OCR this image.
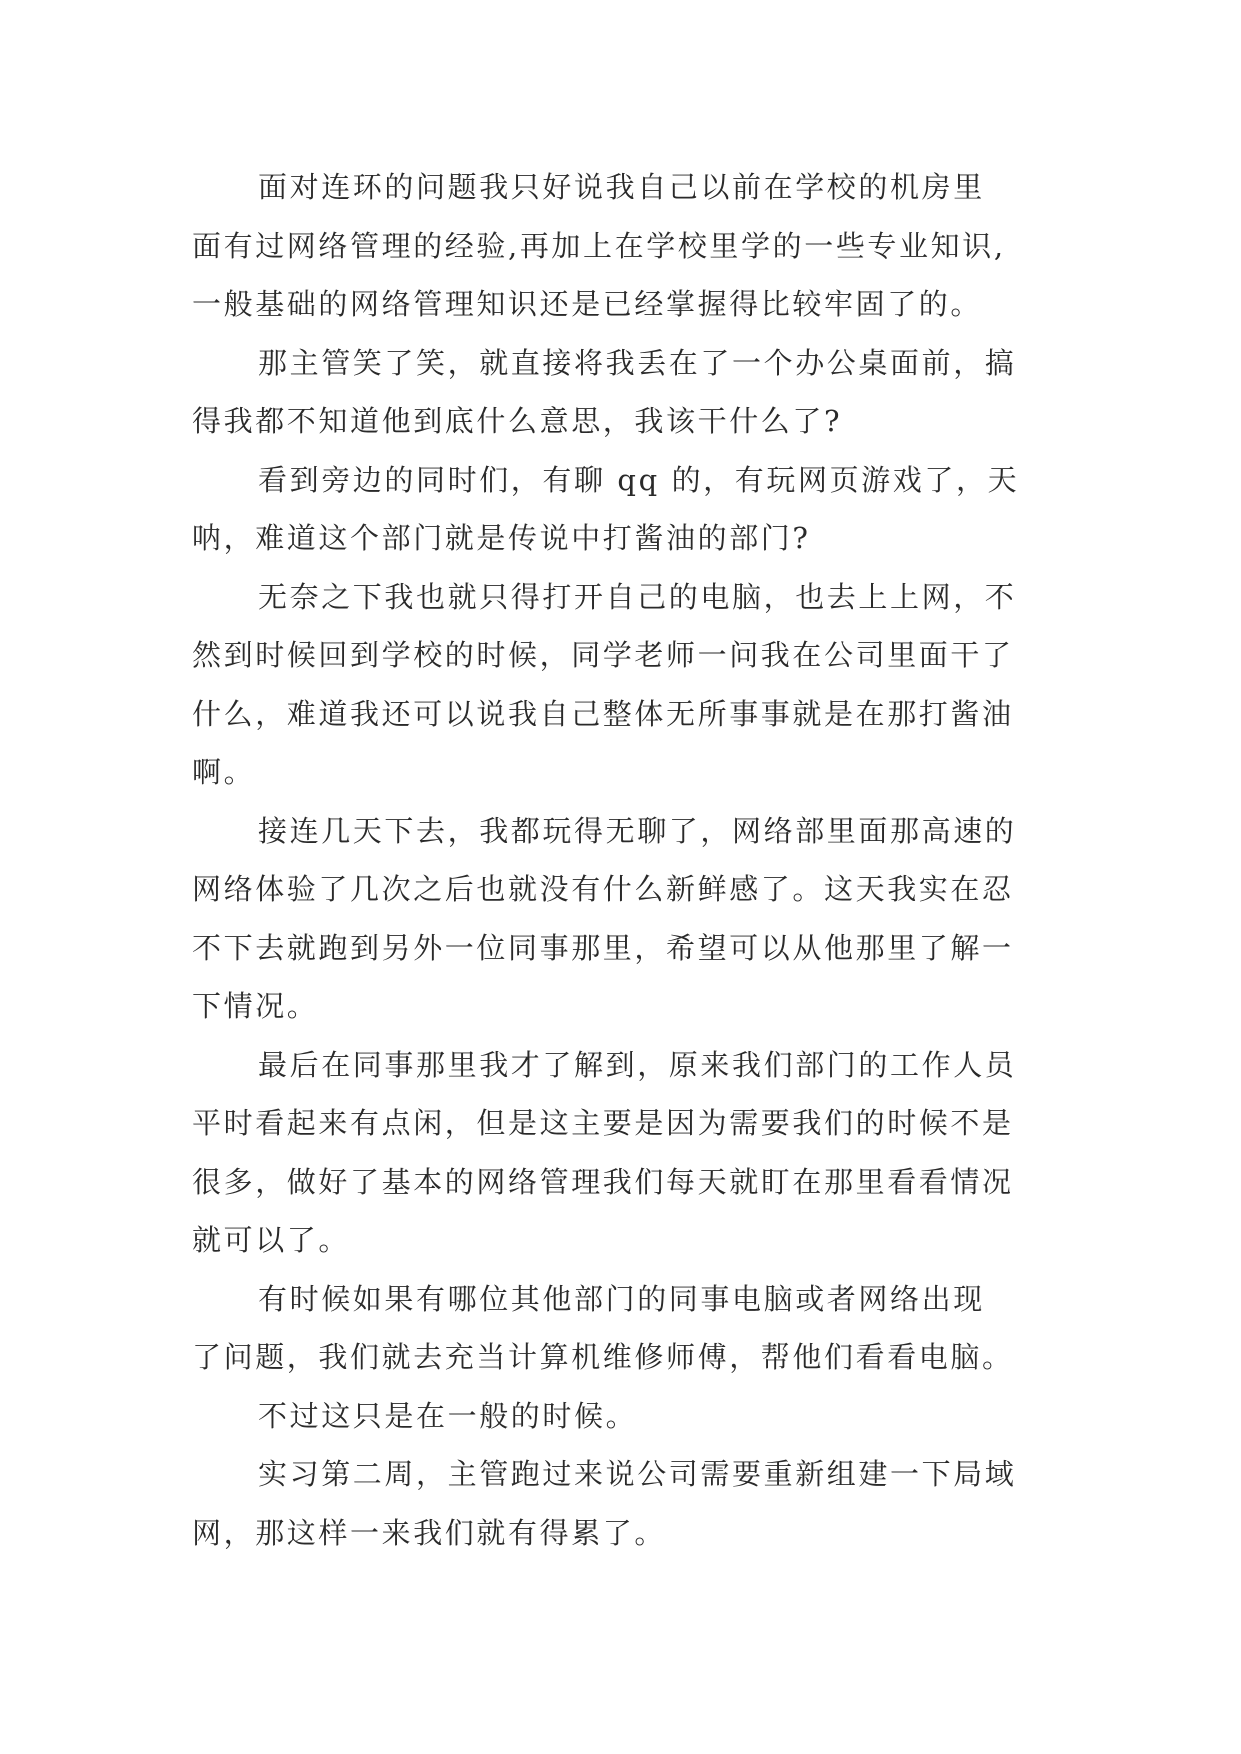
面对连环的问题我只好说我自己以前在学校的机房里
面有过网络管理的经验,再加上在学校里学的一些专业知识,
一般基础的网络管理知识还是已经掌握得比较牢固了的。
那主管笑了笑，就直接将我丢在了一个办公桌面前，搞
得我都不知道他到底什么意思，我该干什么了?
看到旁边的同时们，有聊 qq 的，有玩网页游戏了，天
呐，难道这个部门就是传说中打酱油的部门?
无奈之下我也就只得打开自己的电脑，也去上上网，不
然到时候回到学校的时候，同学老师一问我在公司里面干了
什么，难道我还可以说我自己整体无所事事就是在那打酱油
啊。
接连几天下去，我都玩得无聊了，网络部里面那高速的
网络体验了几次之后也就没有什么新鲜感了。这天我实在忍
不下去就跑到另外一位同事那里，希望可以从他那里了解一
下情况。
最后在同事那里我才了解到，原来我们部门的工作人员
平时看起来有点闲，但是这主要是因为需要我们的时候不是
很多，做好了基本的网络管理我们每天就盯在那里看看情况
就可以了。
有时候如果有哪位其他部门的同事电脑或者网络出现
了问题，我们就去充当计算机维修师傅，帮他们看看电脑。
不过这只是在一般的时候。
实习第二周，主管跑过来说公司需要重新组建一下局域
网，那这样一来我们就有得累了。
